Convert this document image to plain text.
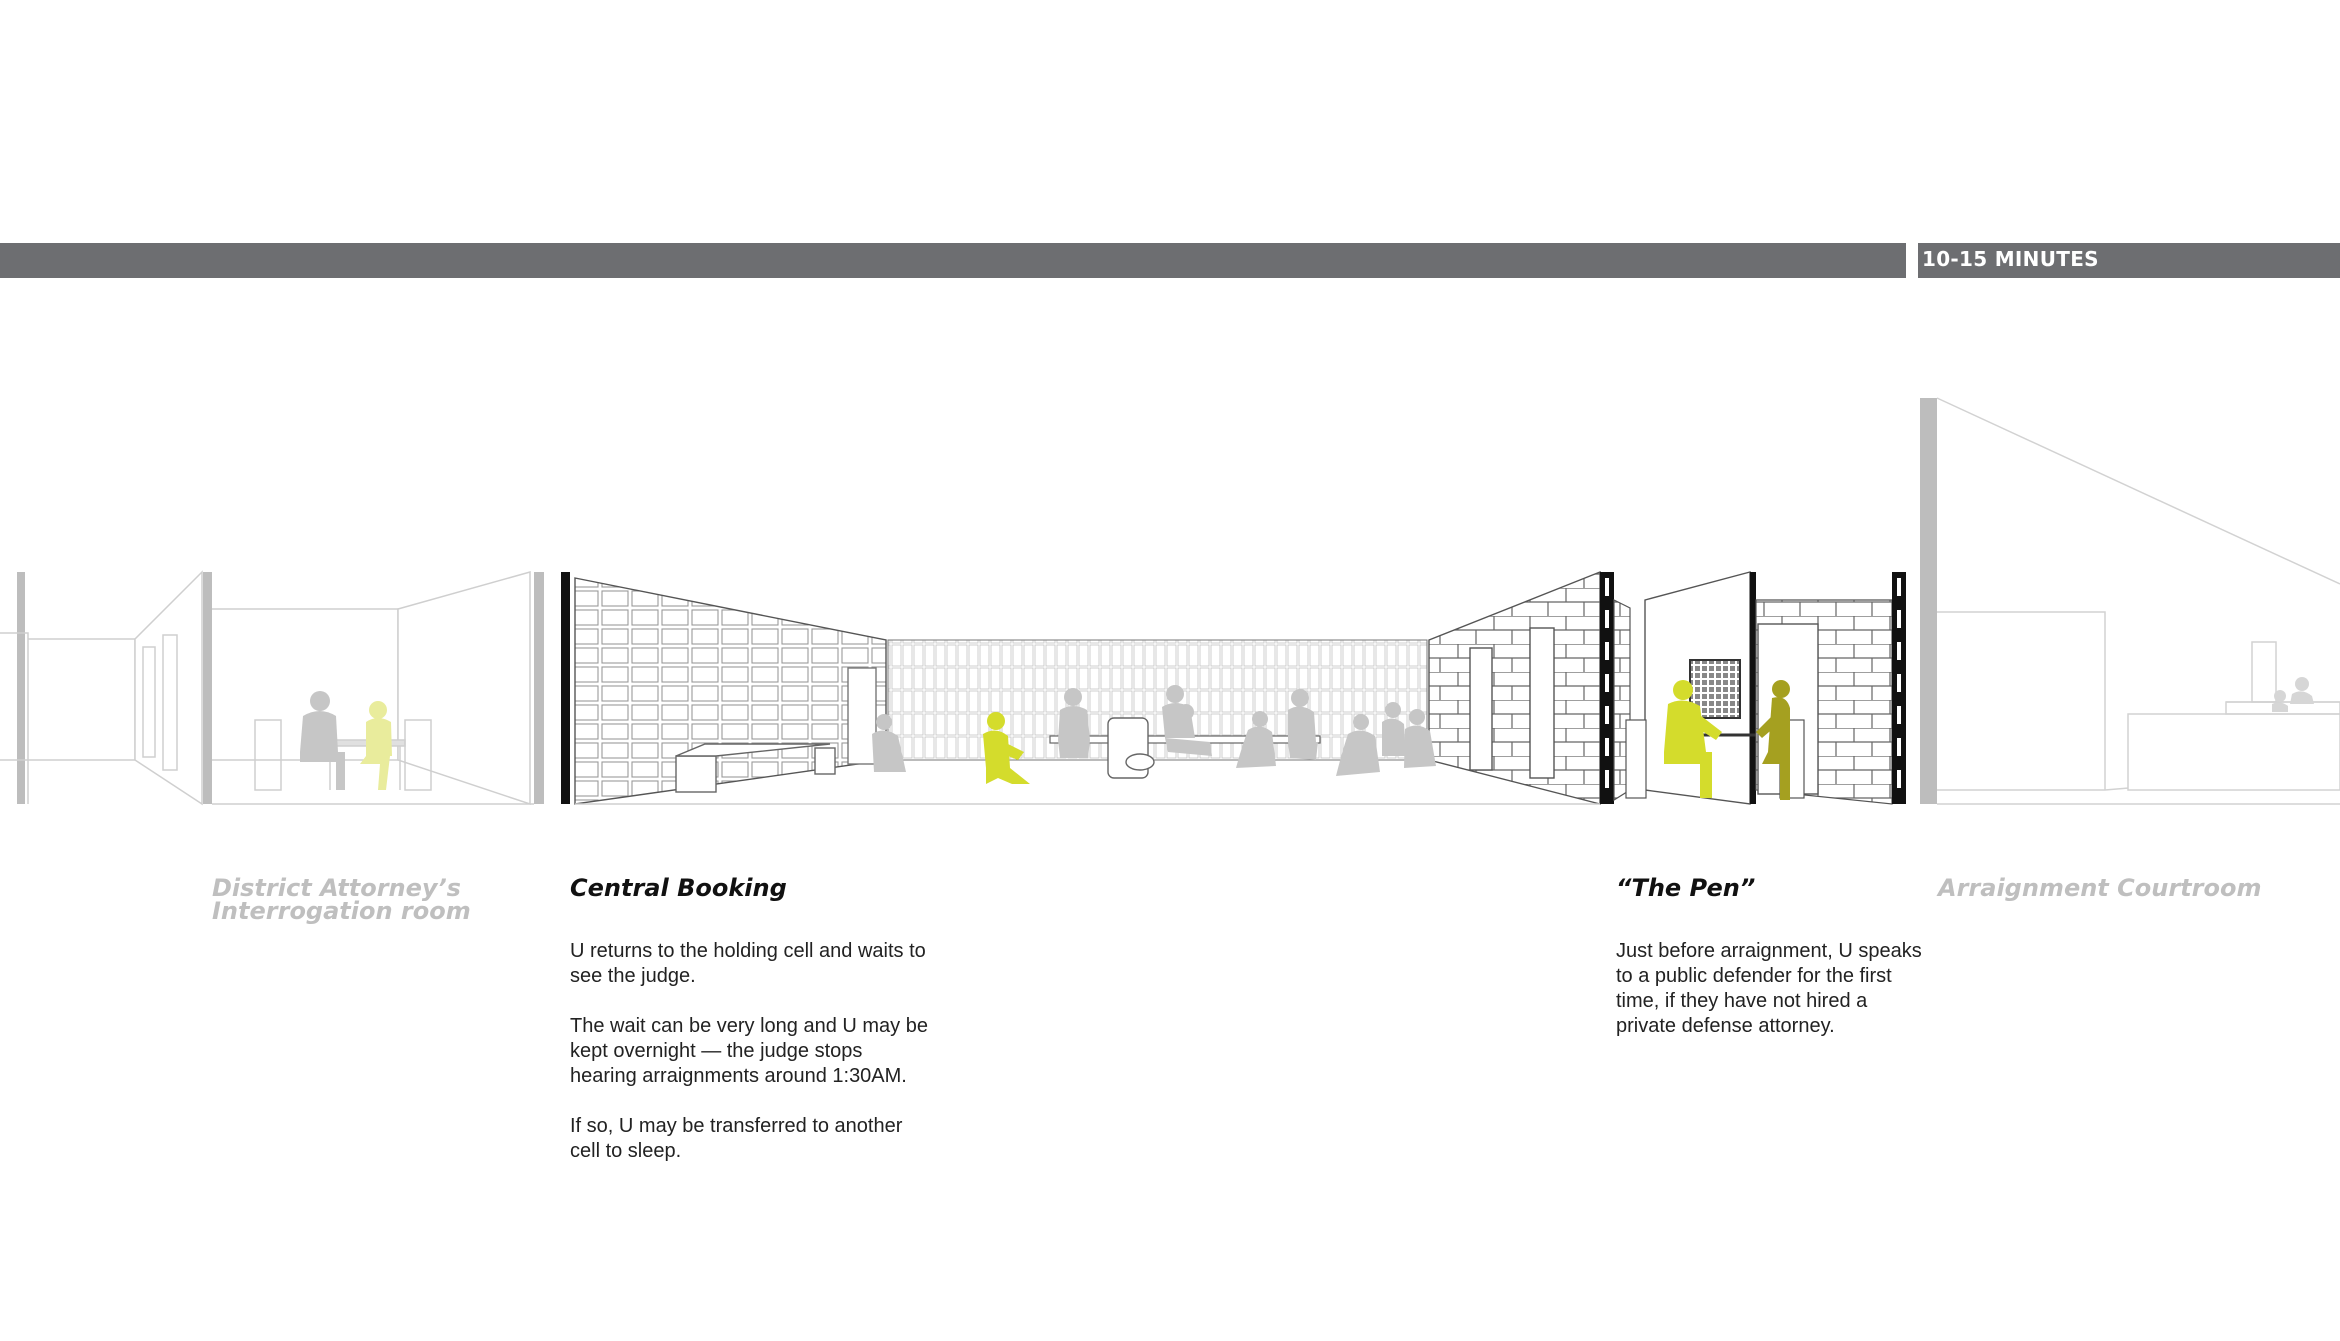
10-15 MINUTES

District Attorney’s
Interrogation room

Central Booking

U returns to the holding cell and waits to see the judge.

The wait can be very long and U may be kept overnight — the judge stops hearing arraignments around 1:30AM.

If so, U may be transferred to another cell to sleep.

“The Pen”

Just before arraignment, U speaks to a public defender for the first time, if they have not hired a private defense attorney.

Arraignment Courtroom
